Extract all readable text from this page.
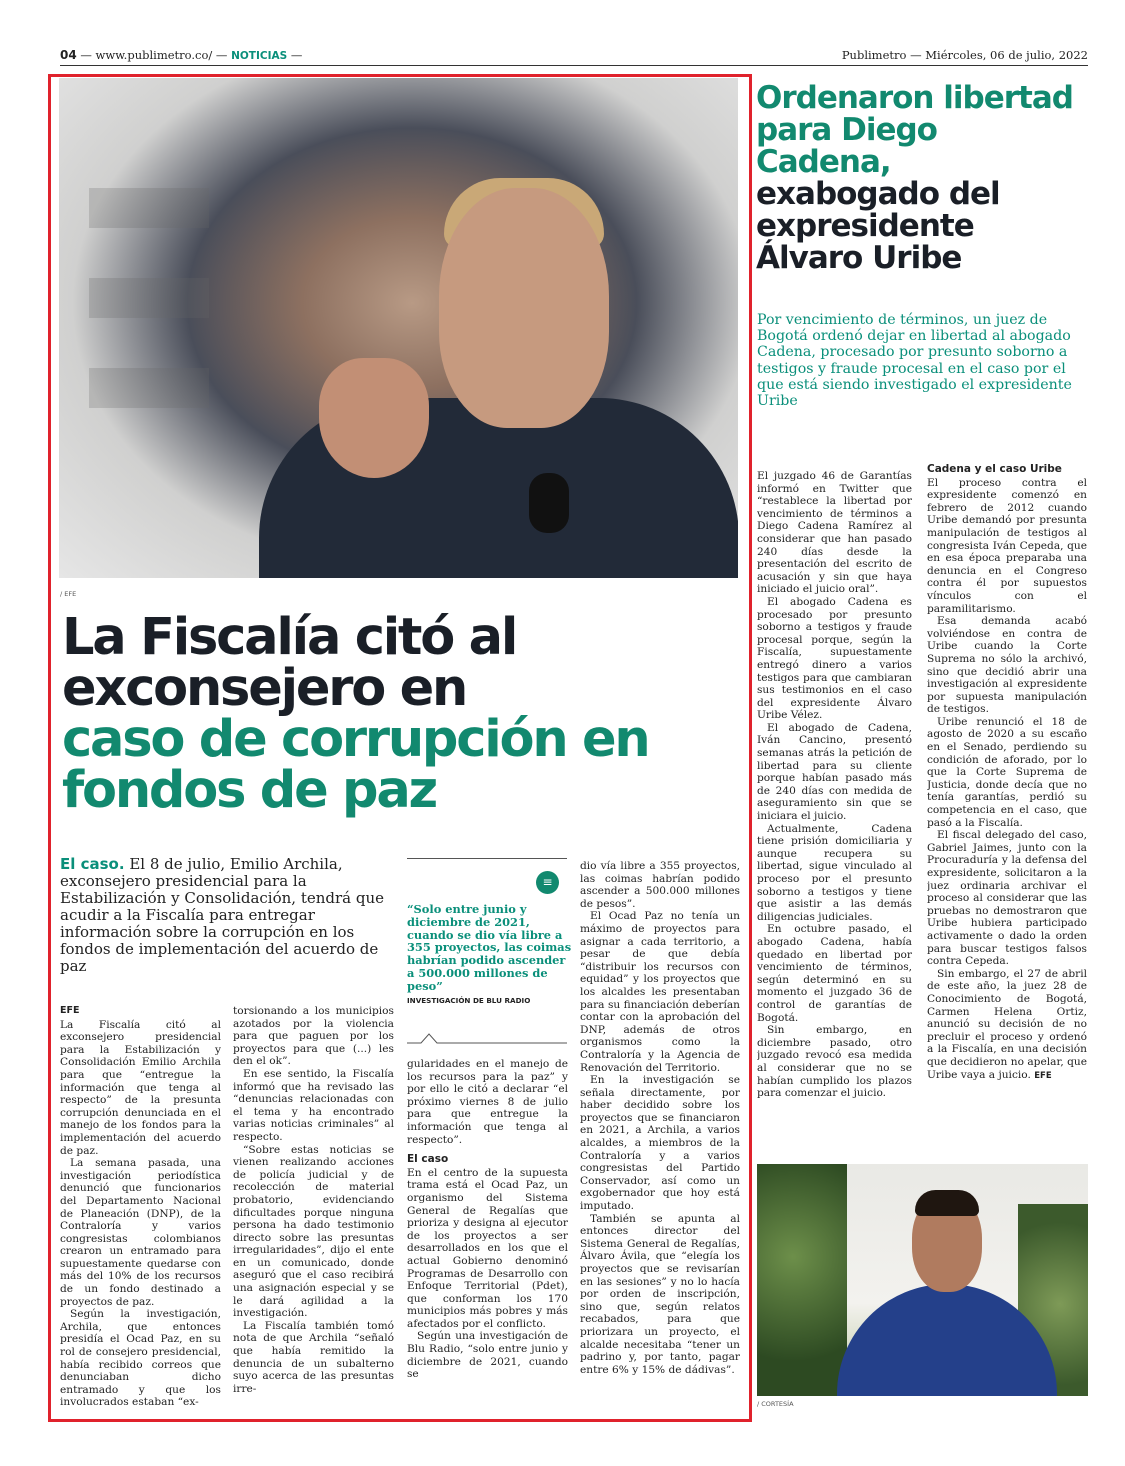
04 — www.publimetro.co/ — NOTICIAS —	Publimetro — Miércoles, 06 de julio, 2022
/ EFE
La Fiscalía citó al exconsejero en
caso de corrupción en fondos de paz
El caso. El 8 de julio, Emilio Archila, exconsejero presidencial para la Estabilización y Consolidación, tendrá que acudir a la Fiscalía para entregar información sobre la corrupción en los fondos de implementación del acuerdo de paz
EFE

La Fiscalía citó al exconsejero presidencial para la Estabilización y Consolidación Emilio Archila para que “entregue la información que tenga al respecto” de la presunta corrupción denunciada en el manejo de los fondos para la implementación del acuerdo de paz.

La semana pasada, una investigación periodística denunció que funcionarios del Departamento Nacional de Planeación (DNP), de la Contraloría y varios congresistas colombianos crearon un entramado para supuestamente quedarse con más del 10% de los recursos de un fondo destinado a proyectos de paz.

Según la investigación, Archila, que entonces presidía el Ocad Paz, en su rol de consejero presidencial, había recibido correos que denunciaban dicho entramado y que los involucrados estaban “ex-

torsionando a los municipios azotados por la violencia para que paguen por los proyectos para que (...) les den el ok”.

En ese sentido, la Fiscalía informó que ha revisado las “denuncias relacionadas con el tema y ha encontrado varias noticias criminales” al respecto.

“Sobre estas noticias se vienen realizando acciones de policía judicial y de recolección de material probatorio, evidenciando dificultades porque ninguna persona ha dado testimonio directo sobre las presuntas irregularidades”, dijo el ente en un comunicado, donde aseguró que el caso recibirá una asignación especial y se le dará agilidad a la investigación.

La Fiscalía también tomó nota de que Archila “señaló que había remitido la denuncia de un subalterno suyo acerca de las presuntas irre-

≡
“Solo entre junio y diciembre de 2021, cuando se dio vía libre a 355 proyectos, las coimas habrían podido ascender a 500.000 millones de peso”
INVESTIGACIÓN DE BLU RADIO

gularidades en el manejo de los recursos para la paz” y por ello le citó a declarar “el próximo viernes 8 de julio para que entregue la información que tenga al respecto”.

El caso

En el centro de la supuesta trama está el Ocad Paz, un organismo del Sistema General de Regalías que prioriza y designa al ejecutor de los proyectos a ser desarrollados en los que el actual Gobierno denominó Programas de Desarrollo con Enfoque Territorial (Pdet), que conforman los 170 municipios más pobres y más afectados por el conflicto.

Según una investigación de Blu Radio, “solo entre junio y diciembre de 2021, cuando se

dio vía libre a 355 proyectos, las coimas habrían podido ascender a 500.000 millones de pesos”.

El Ocad Paz no tenía un máximo de proyectos para asignar a cada territorio, a pesar de que debía “distribuir los recursos con equidad” y los proyectos que los alcaldes les presentaban para su financiación deberían contar con la aprobación del DNP, además de otros organismos como la Contraloría y la Agencia de Renovación del Territorio.

En la investigación se señala directamente, por haber decidido sobre los proyectos que se financiaron en 2021, a Archila, a varios alcaldes, a miembros de la Contraloría y a varios congresistas del Partido Conservador, así como un exgobernador que hoy está imputado.

También se apunta al entonces director del Sistema General de Regalías, Álvaro Ávila, que “elegía los proyectos que se revisarían en las sesiones” y no lo hacía por orden de inscripción, sino que, según relatos recabados, para que priorizara un proyecto, el alcalde necesitaba “tener un padrino y, por tanto, pagar entre 6% y 15% de dádivas”.

Ordenaron libertad para Diego Cadena, exabogado del expresidente Álvaro Uribe
Por vencimiento de términos, un juez de Bogotá ordenó dejar en libertad al abogado Cadena, procesado por presunto soborno a testigos y fraude procesal en el caso por el que está siendo investigado el expresidente Uribe

El juzgado 46 de Garantías informó en Twitter que “restablece la libertad por vencimiento de términos a Diego Cadena Ramírez al considerar que han pasado 240 días desde la presentación del escrito de acusación y sin que haya iniciado el juicio oral”.

El abogado Cadena es procesado por presunto soborno a testigos y fraude procesal porque, según la Fiscalía, supuestamente entregó dinero a varios testigos para que cambiaran sus testimonios en el caso del expresidente Álvaro Uribe Vélez.

El abogado de Cadena, Iván Cancino, presentó semanas atrás la petición de libertad para su cliente porque habían pasado más de 240 días con medida de aseguramiento sin que se iniciara el juicio.

Actualmente, Cadena tiene prisión domiciliaria y aunque recupera su libertad, sigue vinculado al proceso por el presunto soborno a testigos y tiene que asistir a las demás diligencias judiciales.

En octubre pasado, el abogado Cadena, había quedado en libertad por vencimiento de términos, según determinó en su momento el juzgado 36 de control de garantías de Bogotá.

Sin embargo, en diciembre pasado, otro juzgado revocó esa medida al considerar que no se habían cumplido los plazos para comenzar el juicio.

Cadena y el caso Uribe

El proceso contra el expresidente comenzó en febrero de 2012 cuando Uribe demandó por presunta manipulación de testigos al congresista Iván Cepeda, que en esa época preparaba una denuncia en el Congreso contra él por supuestos vínculos con el paramilitarismo.

Esa demanda acabó volviéndose en contra de Uribe cuando la Corte Suprema no sólo la archivó, sino que decidió abrir una investigación al expresidente por supuesta manipulación de testigos.

Uribe renunció el 18 de agosto de 2020 a su escaño en el Senado, perdiendo su condición de aforado, por lo que la Corte Suprema de Justicia, donde decía que no tenía garantías, perdió su competencia en el caso, que pasó a la Fiscalía.

El fiscal delegado del caso, Gabriel Jaimes, junto con la Procuraduría y la defensa del expresidente, solicitaron a la juez ordinaria archivar el proceso al considerar que las pruebas no demostraron que Uribe hubiera participado activamente o dado la orden para buscar testigos falsos contra Cepeda.

Sin embargo, el 27 de abril de este año, la juez 28 de Conocimiento de Bogotá, Carmen Helena Ortiz, anunció su decisión de no precluir el proceso y ordenó a la Fiscalía, en una decisión que decidieron no apelar, que Uribe vaya a juicio. EFE

/ CORTESÍA
